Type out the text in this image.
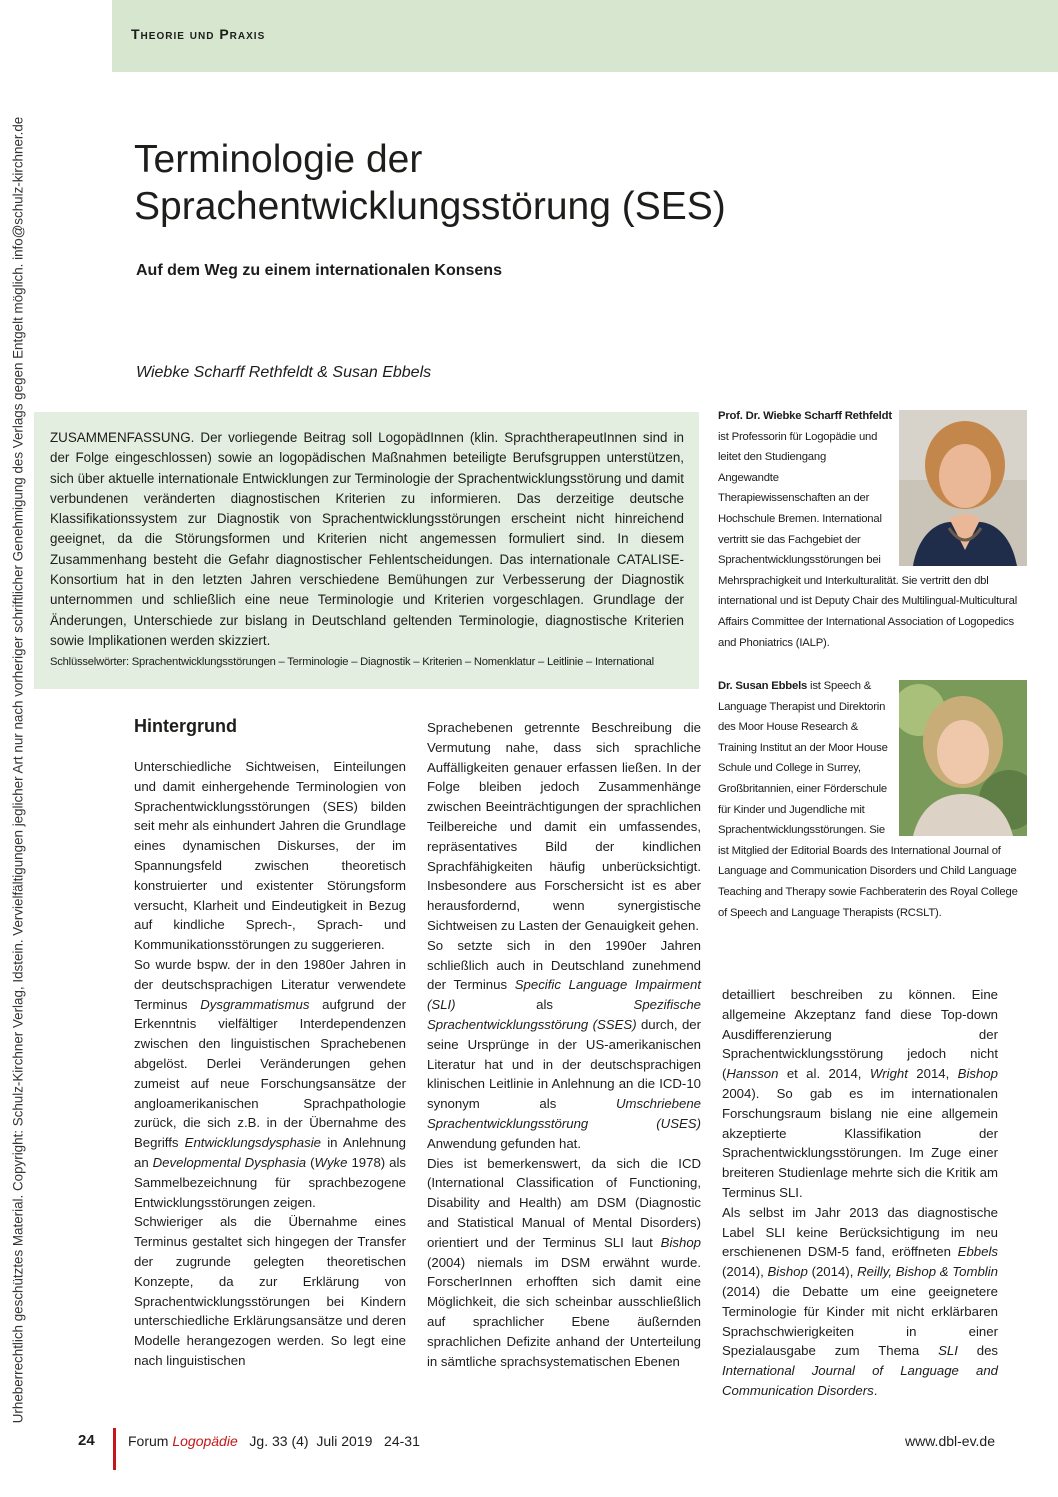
Theorie und Praxis
Urheberrechtlich geschütztes Material. Copyright: Schulz-Kirchner Verlag, Idstein. Vervielfältigungen jeglicher Art nur nach vorheriger schriftlicher Genehmigung des Verlags gegen Entgelt möglich. info@schulz-kirchner.de	Terminologie der
Sprachentwicklungsstörung (SES)
Auf dem Weg zu einem internationalen Konsens
Wiebke Scharff Rethfeldt & Susan Ebbels
ZUSAMMENFASSUNG. Der vorliegende Beitrag soll LogopädInnen (klin. SprachtherapeutInnen sind in der Folge eingeschlossen) sowie an logopädischen Maßnahmen beteiligte Berufsgruppen unterstützen, sich über aktuelle internationale Entwicklungen zur Terminologie der Sprachentwicklungsstörung und damit verbundenen veränderten diagnostischen Kriterien zu informieren. Das derzeitige deutsche Klassifikationssystem zur Diagnostik von Sprachentwicklungsstörungen erscheint nicht hinreichend geeignet, da die Störungsformen und Kriterien nicht angemessen formuliert sind. In diesem Zusammenhang besteht die Gefahr diagnostischer Fehlentscheidungen. Das internationale CATALISE-Konsortium hat in den letzten Jahren verschiedene Bemühungen zur Verbesserung der Diagnostik unternommen und schließlich eine neue Terminologie und Kriterien vorgeschlagen. Grundlage der Änderungen, Unterschiede zur bislang in Deutschland geltenden Terminologie, diagnostische Kriterien sowie Implikationen werden skizziert.
Schlüsselwörter: Sprachentwicklungsstörungen – Terminologie – Diagnostik – Kriterien – Nomenklatur – Leitlinie – International
Prof. Dr. Wiebke Scharff Rethfeldt
ist Professorin für Logopädie und leitet den Studiengang Angewandte Therapiewissenschaften an der Hochschule Bremen. International vertritt sie das Fachgebiet der Sprachentwicklungsstörungen bei Mehrsprachigkeit und Interkulturalität. Sie vertritt den dbl international und ist Deputy Chair des Multilingual-Multicultural Affairs Committee der International Association of Logopedics and Phoniatrics (IALP).
Dr. Susan Ebbels ist Speech & Language Therapist und Direktorin des Moor House Research & Training Institut an der Moor House Schule und College in Surrey, Großbritannien, einer Förderschule für Kinder und Jugendliche mit Sprachentwicklungsstörungen. Sie ist Mitglied der Editorial Boards des International Journal of Language and Communication Disorders und Child Language Teaching and Therapy sowie Fachberaterin des Royal College of Speech and Language Therapists (RCSLT).
Hintergrund

Unterschiedliche Sichtweisen, Einteilungen und damit einhergehende Terminologien von Sprachentwicklungsstörungen (SES) bilden seit mehr als einhundert Jahren die Grundlage eines dynamischen Diskurses, der im Spannungsfeld zwischen theoretisch konstruierter und existenter Störungsform versucht, Klarheit und Eindeutigkeit in Bezug auf kindliche Sprech-, Sprach- und Kommunikationsstörungen zu suggerieren.

So wurde bspw. der in den 1980er Jahren in der deutschsprachigen Literatur verwendete Terminus Dysgrammatismus aufgrund der Erkenntnis vielfältiger Interdependenzen zwischen den linguistischen Sprachebenen abgelöst. Derlei Veränderungen gehen zumeist auf neue Forschungsansätze der angloamerikanischen Sprachpathologie zurück, die sich z.B. in der Übernahme des Begriffs Entwicklungsdysphasie in Anlehnung an Developmental Dysphasia (Wyke 1978) als Sammelbezeichnung für sprachbezogene Entwicklungsstörungen zeigen.

Schwieriger als die Übernahme eines Terminus gestaltet sich hingegen der Transfer der zugrunde gelegten theoretischen Konzepte, da zur Erklärung von Sprachentwicklungsstörungen bei Kindern unterschiedliche Erklärungsansätze und deren Modelle herangezogen werden. So legt eine nach linguistischen

Sprachebenen getrennte Beschreibung die Vermutung nahe, dass sich sprachliche Auffälligkeiten genauer erfassen ließen. In der Folge bleiben jedoch Zusammenhänge zwischen Beeinträchtigungen der sprachlichen Teilbereiche und damit ein umfassendes, repräsentatives Bild der kindlichen Sprachfähigkeiten häufig unberücksichtigt. Insbesondere aus Forschersicht ist es aber herausfordernd, wenn synergistische Sichtweisen zu Lasten der Genauigkeit gehen.

So setzte sich in den 1990er Jahren schließlich auch in Deutschland zunehmend der Terminus Specific Language Impairment (SLI) als Spezifische Sprachentwicklungsstörung (SSES) durch, der seine Ursprünge in der US-amerikanischen Literatur hat und in der deutschsprachigen klinischen Leitlinie in Anlehnung an die ICD-10 synonym als Umschriebene Sprachentwicklungsstörung (USES) Anwendung gefunden hat.

Dies ist bemerkenswert, da sich die ICD (International Classification of Functioning, Disability and Health) am DSM (Diagnostic and Statistical Manual of Mental Disorders) orientiert und der Terminus SLI laut Bishop (2004) niemals im DSM erwähnt wurde. ForscherInnen erhofften sich damit eine Möglichkeit, die sich scheinbar ausschließlich auf sprachlicher Ebene äußernden sprachlichen Defizite anhand der Unterteilung in sämtliche sprachsystematischen Ebenen

detailliert beschreiben zu können. Eine allgemeine Akzeptanz fand diese Top-down Ausdifferenzierung der Sprachentwicklungsstörung jedoch nicht (Hansson et al. 2014, Wright 2014, Bishop 2004). So gab es im internationalen Forschungsraum bislang nie eine allgemein akzeptierte Klassifikation der Sprachentwicklungsstörungen. Im Zuge einer breiteren Studienlage mehrte sich die Kritik am Terminus SLI.

Als selbst im Jahr 2013 das diagnostische Label SLI keine Berücksichtigung im neu erschienenen DSM-5 fand, eröffneten Ebbels (2014), Bishop (2014), Reilly, Bishop & Tomblin (2014) die Debatte um eine geeignetere Terminologie für Kinder mit nicht erklärbaren Sprachschwierigkeiten in einer Spezialausgabe zum Thema SLI des International Journal of Language and Communication Disorders.

24 Forum Logopädie Jg. 33 (4)  Juli 2019   24-31	www.dbl-ev.de
